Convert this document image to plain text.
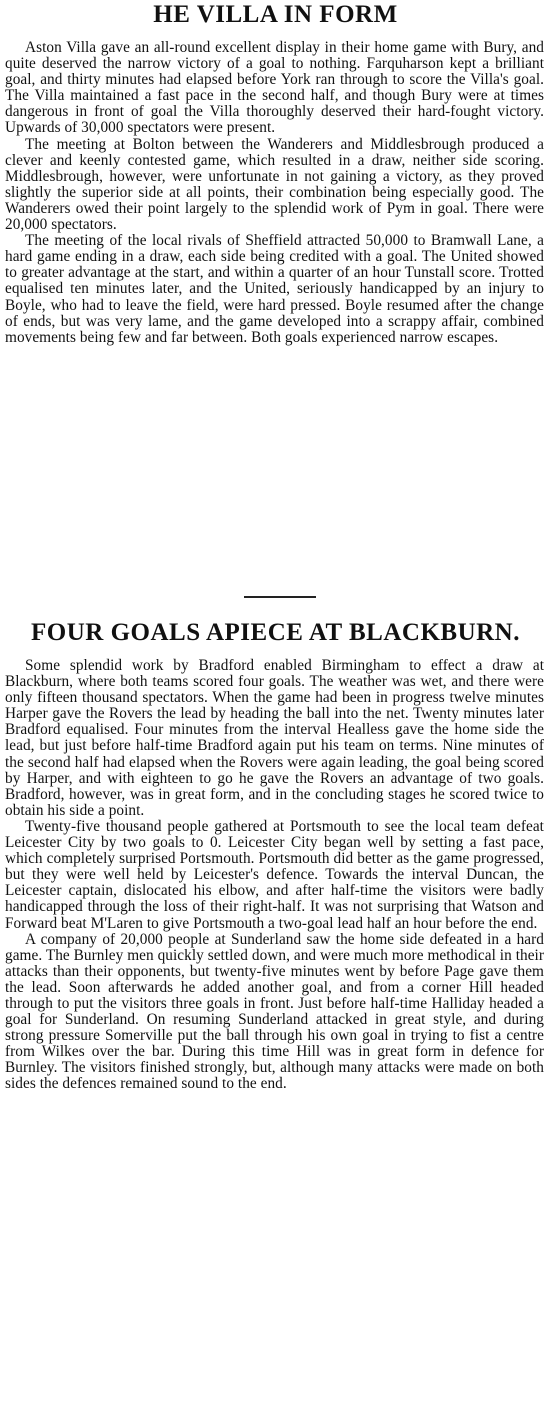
HE VILLA IN FORM

Aston Villa gave an all-round excellent display in their home game with Bury, and quite deserved the narrow victory of a goal to nothing. Farquharson kept a brilliant goal, and thirty minutes had elapsed before York ran through to score the Villa's goal. The Villa maintained a fast pace in the second half, and though Bury were at times dangerous in front of goal the Villa thoroughly deserved their hard-fought victory. Upwards of 30,000 spectators were present.

The meeting at Bolton between the Wanderers and Middlesbrough produced a clever and keenly contested game, which resulted in a draw, neither side scoring. Middlesbrough, however, were unfortunate in not gaining a victory, as they proved slightly the superior side at all points, their combination being especially good. The Wanderers owed their point largely to the splendid work of Pym in goal. There were 20,000 spectators.

The meeting of the local rivals of Sheffield attracted 50,000 to Bramwall Lane, a hard game ending in a draw, each side being credited with a goal. The United showed to greater advantage at the start, and within a quarter of an hour Tunstall score. Trotted equalised ten minutes later, and the United, seriously handicapped by an injury to Boyle, who had to leave the field, were hard pressed. Boyle resumed after the change of ends, but was very lame, and the game developed into a scrappy affair, combined movements being few and far between. Both goals experienced narrow escapes.

FOUR GOALS APIECE AT BLACKBURN.

Some splendid work by Bradford enabled Birmingham to effect a draw at Blackburn, where both teams scored four goals. The weather was wet, and there were only fifteen thousand spectators. When the game had been in progress twelve minutes Harper gave the Rovers the lead by heading the ball into the net. Twenty minutes later Bradford equalised. Four minutes from the interval Healless gave the home side the lead, but just before half-time Bradford again put his team on terms. Nine minutes of the second half had elapsed when the Rovers were again leading, the goal being scored by Harper, and with eighteen to go he gave the Rovers an advantage of two goals. Bradford, however, was in great form, and in the concluding stages he scored twice to obtain his side a point.

Twenty-five thousand people gathered at Portsmouth to see the local team defeat Leicester City by two goals to 0. Leicester City began well by setting a fast pace, which completely surprised Portsmouth. Portsmouth did better as the game progressed, but they were well held by Leicester's defence. Towards the interval Duncan, the Leicester captain, dislocated his elbow, and after half-time the visitors were badly handicapped through the loss of their right-half. It was not surprising that Watson and Forward beat M'Laren to give Portsmouth a two-goal lead half an hour before the end.

A company of 20,000 people at Sunderland saw the home side defeated in a hard game. The Burnley men quickly settled down, and were much more methodical in their attacks than their opponents, but twenty-five minutes went by before Page gave them the lead. Soon afterwards he added another goal, and from a corner Hill headed through to put the visitors three goals in front. Just before half-time Halliday headed a goal for Sunderland. On resuming Sunderland attacked in great style, and during strong pressure Somerville put the ball through his own goal in trying to fist a centre from Wilkes over the bar. During this time Hill was in great form in defence for Burnley. The visitors finished strongly, but, although many attacks were made on both sides the defences remained sound to the end.
